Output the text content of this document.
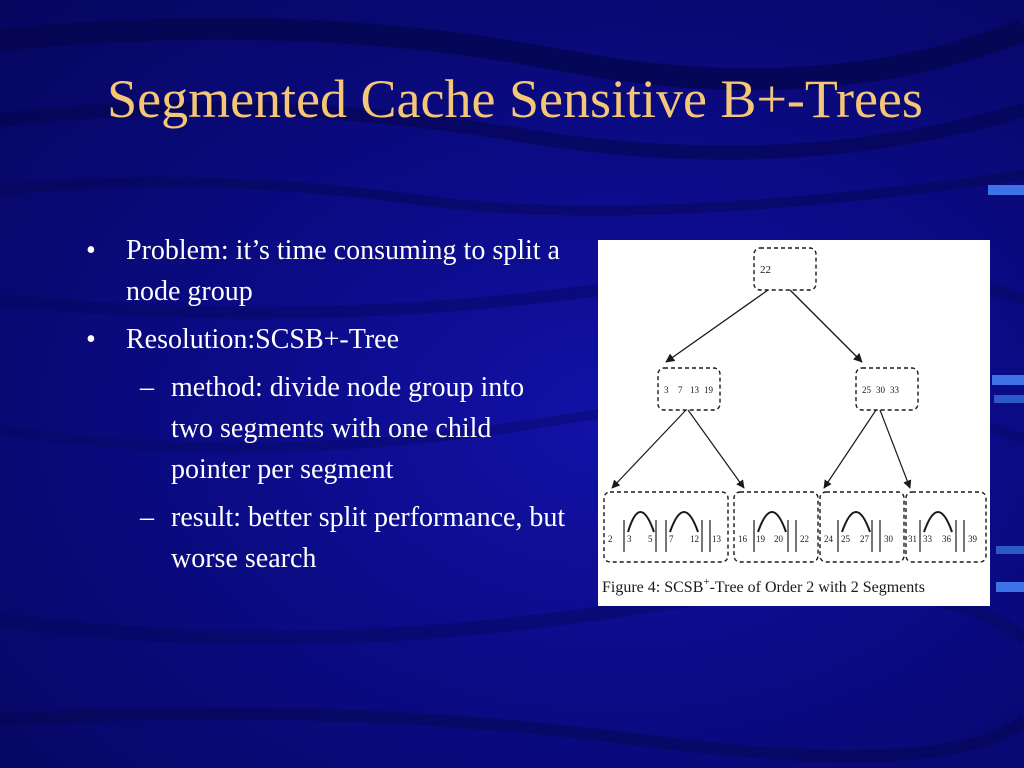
Segmented Cache Sensitive B+-Trees
• Problem: it’s time consuming to split a node group
• Resolution:SCSB+-Tree
– method: divide node group into two segments with one child pointer per segment
– result: better split performance, but worse search
22
3 7 13 19	25 30 33
2 3 5 7 12 13 16 19 20 22 24 25 27 30 31 33 36 39
Figure 4: SCSB+-Tree of Order 2 with 2 Segments
